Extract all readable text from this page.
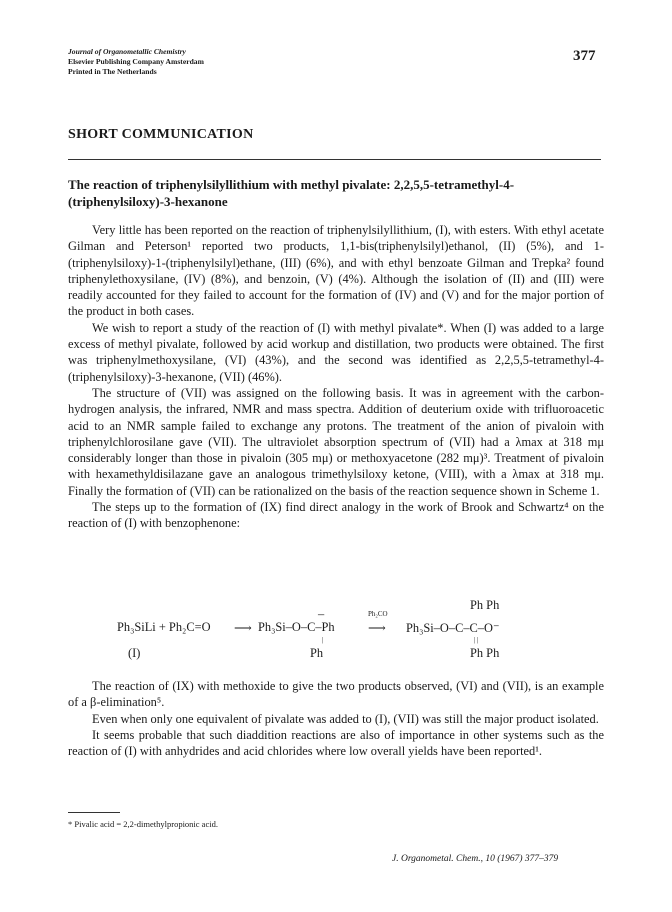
Journal of Organometallic Chemistry
Elsevier Publishing Company Amsterdam
Printed in The Netherlands
377
SHORT COMMUNICATION
The reaction of triphenylsilyllithium with methyl pivalate: 2,2,5,5-tetramethyl-4-(triphenylsiloxy)-3-hexanone

Very little has been reported on the reaction of triphenylsilyllithium, (I), with esters. With ethyl acetate Gilman and Peterson¹ reported two products, 1,1-bis(triphenylsilyl)ethanol, (II) (5%), and 1-(triphenylsiloxy)-1-(triphenylsilyl)ethane, (III) (6%), and with ethyl benzoate Gilman and Trepka² found triphenylethoxysilane, (IV) (8%), and benzoin, (V) (4%). Although the isolation of (II) and (III) were readily accounted for they failed to account for the formation of (IV) and (V) and for the major portion of the product in both cases.

We wish to report a study of the reaction of (I) with methyl pivalate*. When (I) was added to a large excess of methyl pivalate, followed by acid workup and distillation, two products were obtained. The first was triphenylmethoxysilane, (VI) (43%), and the second was identified as 2,2,5,5-tetramethyl-4-(triphenylsiloxy)-3-hexanone, (VII) (46%).

The structure of (VII) was assigned on the following basis. It was in agreement with the carbon-hydrogen analysis, the infrared, NMR and mass spectra. Addition of deuterium oxide with trifluoroacetic acid to an NMR sample failed to exchange any protons. The treatment of the anion of pivaloin with triphenylchlorosilane gave (VII). The ultraviolet absorption spectrum of (VII) had a λmax at 318 mμ considerably longer than those in pivaloin (305 mμ) or methoxyacetone (282 mμ)³. Treatment of pivaloin with hexamethyldisilazane gave an analogous trimethylsiloxy ketone, (VIII), with a λmax at 318 mμ. Finally the formation of (VII) can be rationalized on the basis of the reaction sequence shown in Scheme 1.

The steps up to the formation of (IX) find direct analogy in the work of Brook and Schwartz⁴ on the reaction of (I) with benzophenone:

Ph₃SiLi + Ph₂C=O ⟶ Ph₃Si–O–C–Ph
–
|
Ph
Ph₂CO
⟶ Ph₃Si–O–C–C–O⁻
Ph Ph
| |
Ph Ph
(I)

The reaction of (IX) with methoxide to give the two products observed, (VI) and (VII), is an example of a β-elimination⁵.

Even when only one equivalent of pivalate was added to (I), (VII) was still the major product isolated.

It seems probable that such diaddition reactions are also of importance in other systems such as the reaction of (I) with anhydrides and acid chlorides where low overall yields have been reported¹.

* Pivalic acid = 2,2-dimethylpropionic acid.
J. Organometal. Chem., 10 (1967) 377–379
